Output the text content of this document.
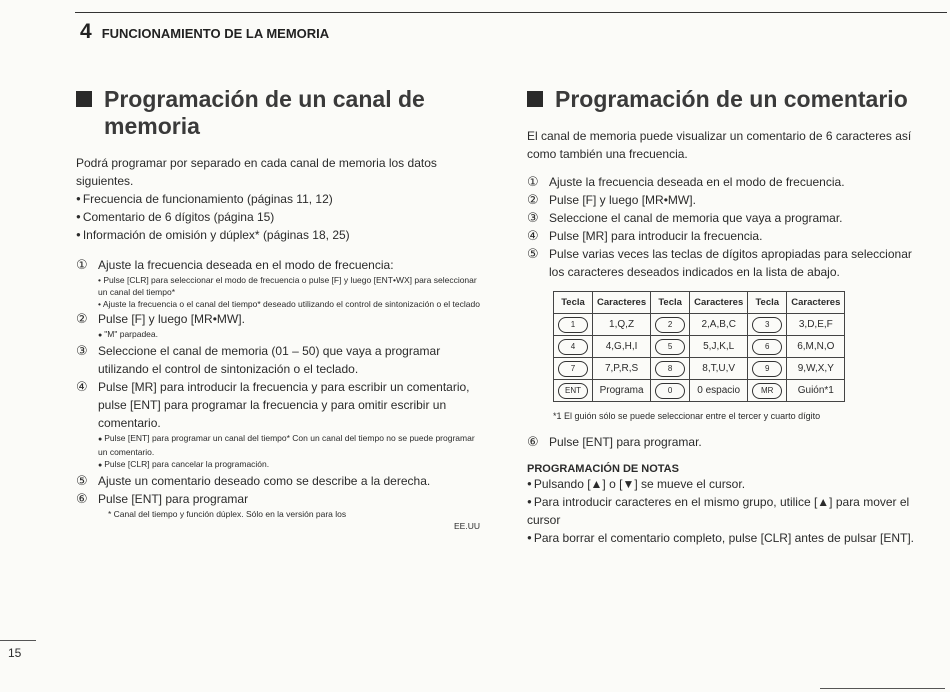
4 FUNCIONAMIENTO DE LA MEMORIA
Programación de un canal de memoria

Podrá programar por separado en cada canal de memoria los datos siguientes.

● Frecuencia de funcionamiento (páginas 11, 12)
● Comentario de 6 dígitos (página 15)
● Información de omisión y dúplex* (páginas 18, 25)
① Ajuste la frecuencia deseada en el modo de frecuencia:
• Pulse [CLR] para seleccionar el modo de frecuencia o pulse [F] y luego [ENT•WX] para seleccionar un canal del tiempo*
• Ajuste la frecuencia o el canal del tiempo* deseado utilizando el control de sintonización o el teclado
② Pulse [F] y luego [MR•MW].
● "M" parpadea.
③ Seleccione el canal de memoria (01 – 50) que vaya a programar utilizando el control de sintonización o el teclado.
④ Pulse [MR] para introducir la frecuencia y para escribir un comentario, pulse [ENT] para programar la frecuencia y para omitir escribir un comentario.
● Pulse [ENT] para programar un canal del tiempo* Con un canal del tiempo no se puede programar un comentario.
● Pulse [CLR] para cancelar la programación.
⑤ Ajuste un comentario deseado como se describe a la derecha.
⑥ Pulse [ENT] para programar
* Canal del tiempo y función dúplex. Sólo en la versión para los
EE.UU
Programación de un comentario

El canal de memoria puede visualizar un comentario de 6 caracteres así como también una frecuencia.

① Ajuste la frecuencia deseada en el modo de frecuencia.
② Pulse [F] y luego [MR•MW].
③ Seleccione el canal de memoria que vaya a programar.
④ Pulse [MR] para introducir la frecuencia.
⑤ Pulse varias veces las teclas de dígitos apropiadas para seleccionar los caracteres deseados indicados en la lista de abajo.
Tecla	Caracteres	Tecla	Caracteres	Tecla	Caracteres
1	1,Q,Z	2	2,A,B,C	3	3,D,E,F
4	4,G,H,I	5	5,J,K,L	6	6,M,N,O
7	7,P,R,S	8	8,T,U,V	9	9,W,X,Y
ENT	Programa	0	0 espacio	MR	Guión*1
*1 El guión sólo se puede seleccionar entre el tercer y cuarto dígito
⑥ Pulse [ENT] para programar.
PROGRAMACIÓN DE NOTAS
● Pulsando [▲] o [▼] se mueve el cursor.
● Para introducir caracteres en el mismo grupo, utilice [▲] para mover el cursor
● Para borrar el comentario completo, pulse [CLR] antes de pulsar [ENT].
15
